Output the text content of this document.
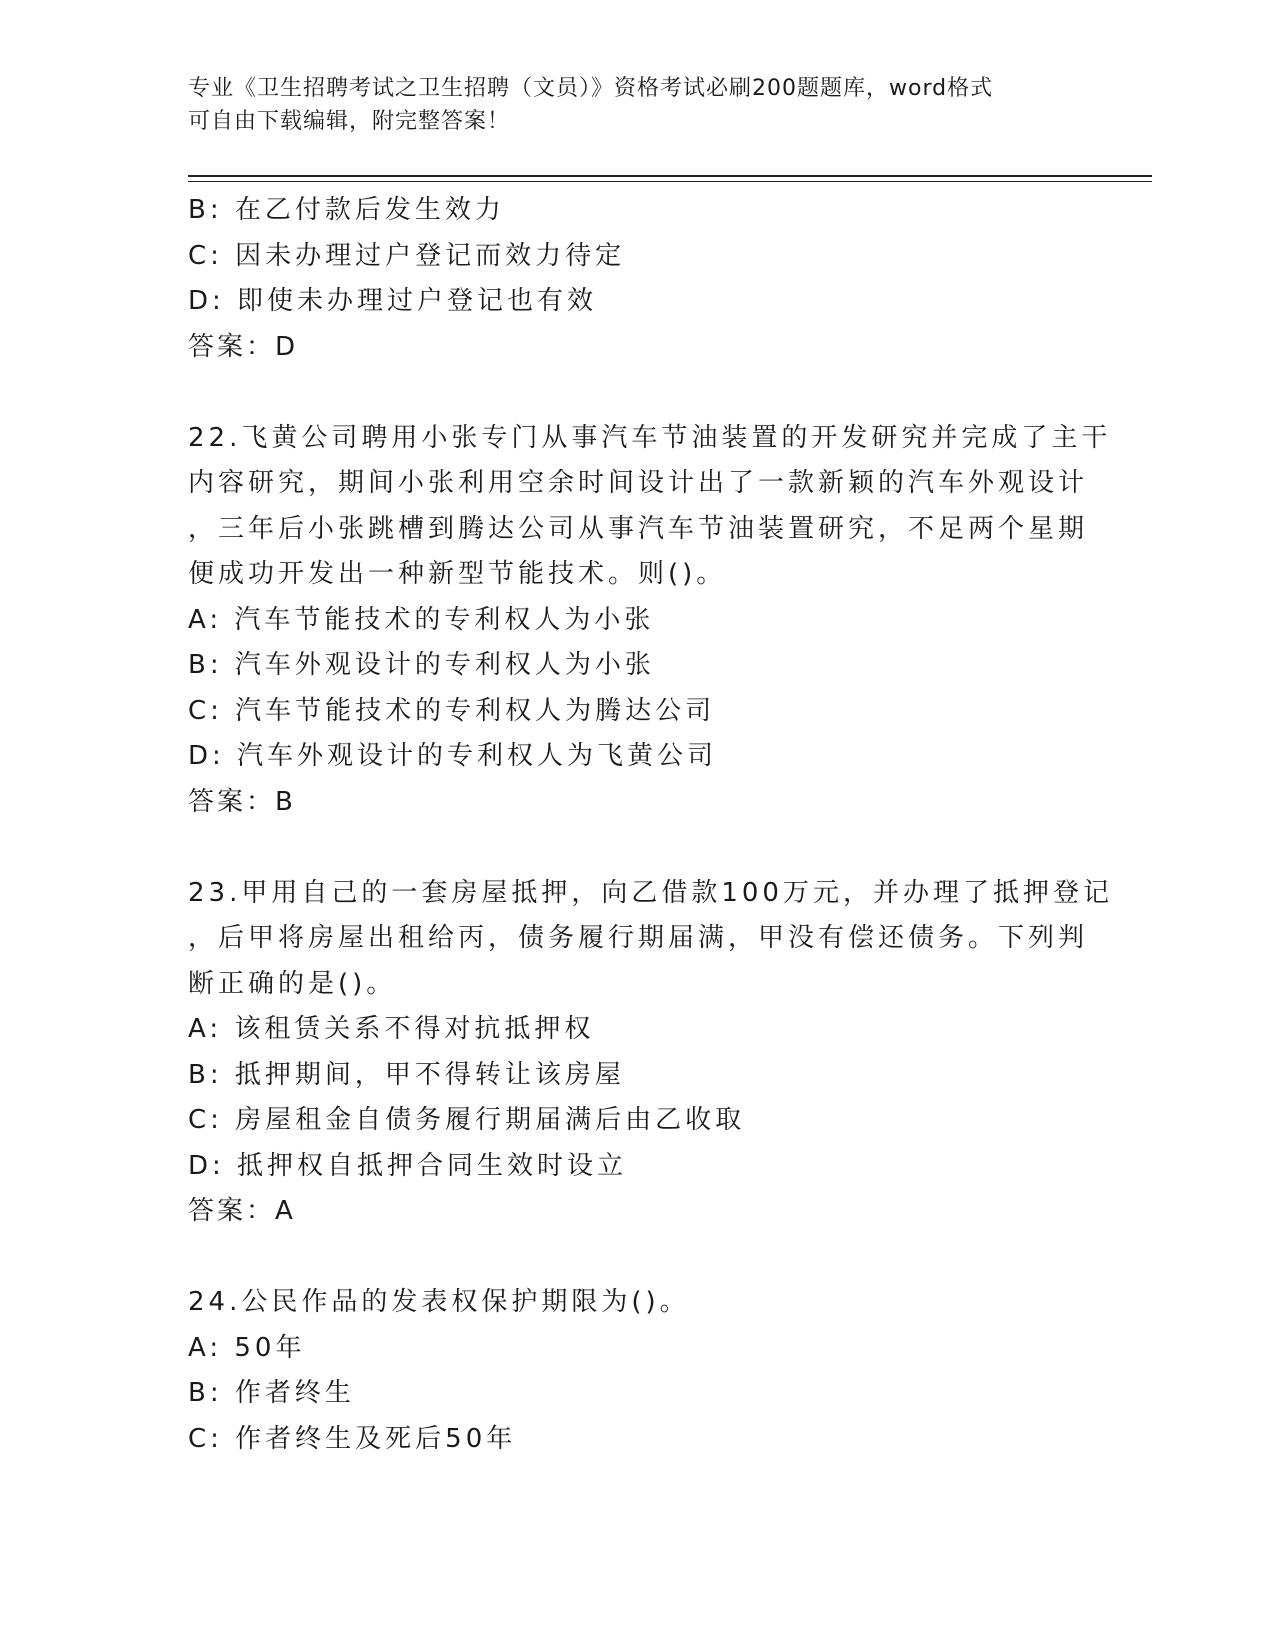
专业《卫生招聘考试之卫生招聘（文员）》资格考试必刷200题题库，word格式
可自由下载编辑，附完整答案！
B: 在乙付款后发生效力
C: 因未办理过户登记而效力待定
D: 即使未办理过户登记也有效
答案：D
22.飞黄公司聘用小张专门从事汽车节油装置的开发研究并完成了主干
内容研究，期间小张利用空余时间设计出了一款新颖的汽车外观设计
，三年后小张跳槽到腾达公司从事汽车节油装置研究，不足两个星期
便成功开发出一种新型节能技术。则()。
A: 汽车节能技术的专利权人为小张
B: 汽车外观设计的专利权人为小张
C: 汽车节能技术的专利权人为腾达公司
D: 汽车外观设计的专利权人为飞黄公司
答案：B
23.甲用自己的一套房屋抵押，向乙借款100万元，并办理了抵押登记
，后甲将房屋出租给丙，债务履行期届满，甲没有偿还债务。下列判
断正确的是()。
A: 该租赁关系不得对抗抵押权
B: 抵押期间，甲不得转让该房屋
C: 房屋租金自债务履行期届满后由乙收取
D: 抵押权自抵押合同生效时设立
答案：A
24.公民作品的发表权保护期限为()。
A: 50年
B: 作者终生
C: 作者终生及死后50年
